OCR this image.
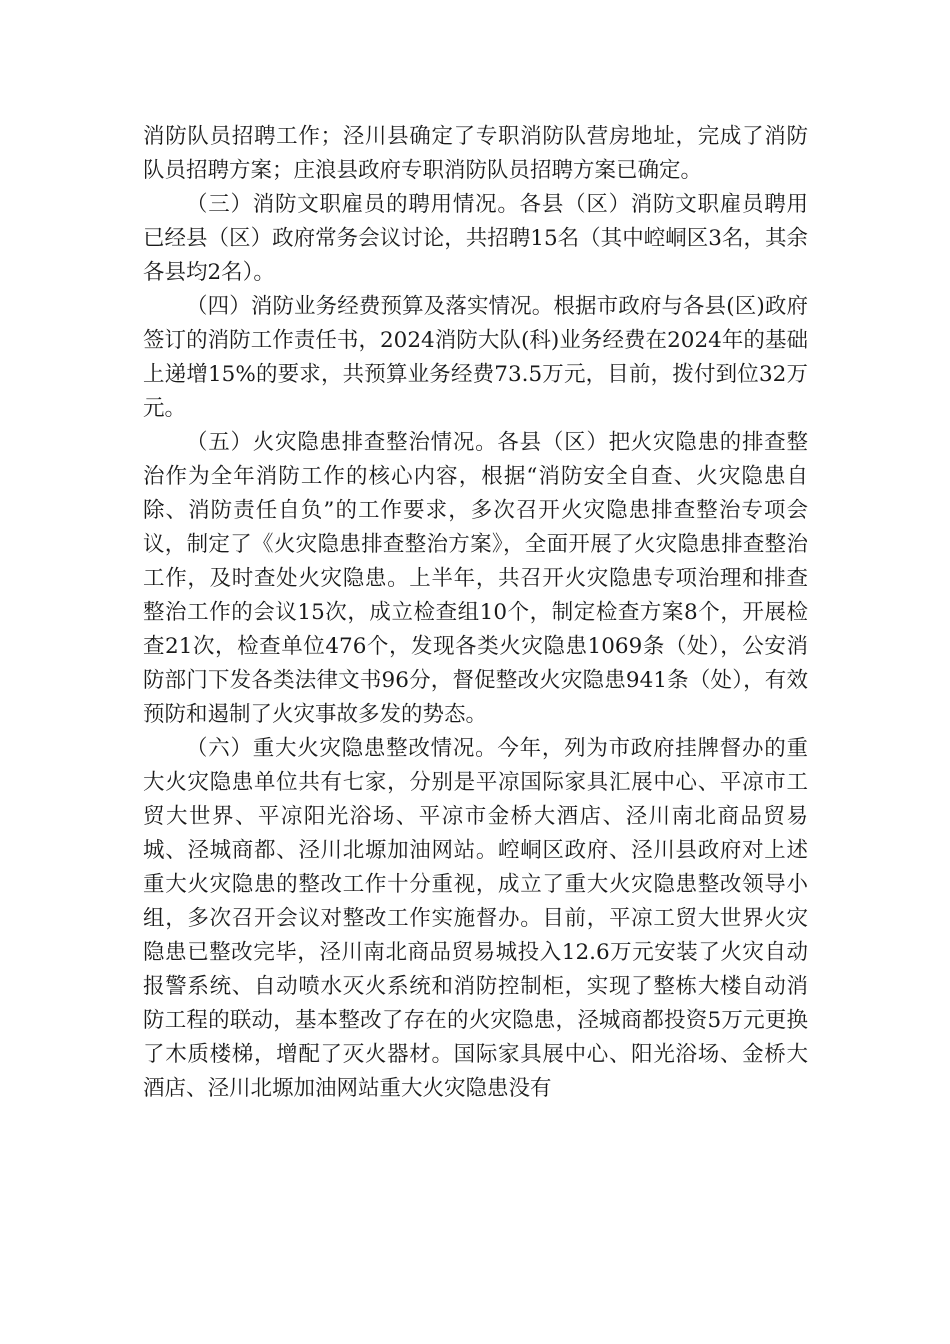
消防队员招聘工作；泾川县确定了专职消防队营房地址，完成了消防队员招聘方案；庄浪县政府专职消防队员招聘方案已确定。

（三）消防文职雇员的聘用情况。各县（区）消防文职雇员聘用已经县（区）政府常务会议讨论，共招聘15名（其中崆峒区3名，其余各县均2名）。

（四）消防业务经费预算及落实情况。根据市政府与各县(区)政府签订的消防工作责任书，2024消防大队(科)业务经费在2024年的基础上递增15%的要求，共预算业务经费73.5万元，目前，拨付到位32万元。

（五）火灾隐患排查整治情况。各县（区）把火灾隐患的排查整治作为全年消防工作的核心内容，根据“消防安全自查、火灾隐患自除、消防责任自负”的工作要求，多次召开火灾隐患排查整治专项会议，制定了《火灾隐患排查整治方案》，全面开展了火灾隐患排查整治工作，及时查处火灾隐患。上半年，共召开火灾隐患专项治理和排查整治工作的会议15次，成立检查组10个，制定检查方案8个，开展检查21次，检查单位476个，发现各类火灾隐患1069条（处），公安消防部门下发各类法律文书96分，督促整改火灾隐患941条（处），有效预防和遏制了火灾事故多发的势态。

（六）重大火灾隐患整改情况。今年，列为市政府挂牌督办的重大火灾隐患单位共有七家，分别是平凉国际家具汇展中心、平凉市工贸大世界、平凉阳光浴场、平凉市金桥大酒店、泾川南北商品贸易城、泾城商都、泾川北塬加油网站。崆峒区政府、泾川县政府对上述重大火灾隐患的整改工作十分重视，成立了重大火灾隐患整改领导小组，多次召开会议对整改工作实施督办。目前，平凉工贸大世界火灾隐患已整改完毕，泾川南北商品贸易城投入12.6万元安装了火灾自动报警系统、自动喷水灭火系统和消防控制柜，实现了整栋大楼自动消防工程的联动，基本整改了存在的火灾隐患，泾城商都投资5万元更换了木质楼梯，增配了灭火器材。国际家具展中心、阳光浴场、金桥大酒店、泾川北塬加油网站重大火灾隐患没有
